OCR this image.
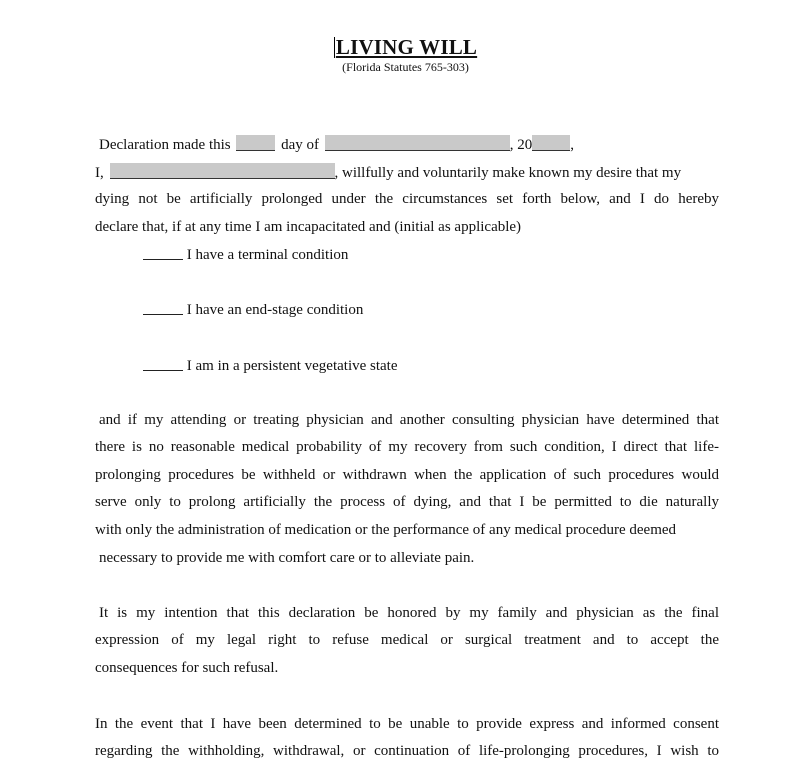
LIVING WILL
(Florida Statutes 765-303)
Declaration made this	day of	, 20	,
I,	, willfully and voluntarily make known my desire that my
dying not be artificially prolonged under the circumstances set forth below, and I do hereby
declare that, if at any time I am incapacitated and (initial as applicable)
I have a terminal condition
I have an end-stage condition
I am in a persistent vegetative state
and if my attending or treating physician and another consulting physician have determined that
there is no reasonable medical probability of my recovery from such condition, I direct that life-
prolonging procedures be withheld or withdrawn when the application of such procedures would
serve only to prolong artificially the process of dying, and that I be permitted to die naturally
with only the administration of medication or the performance of any medical procedure deemed
necessary to provide me with comfort care or to alleviate pain.
It is my intention that this declaration be honored by my family and physician as the final
expression of my legal right to refuse medical or surgical treatment and to accept the
consequences for such refusal.
In the event that I have been determined to be unable to provide express and informed consent
regarding the withholding, withdrawal, or continuation of life-prolonging procedures, I wish to
